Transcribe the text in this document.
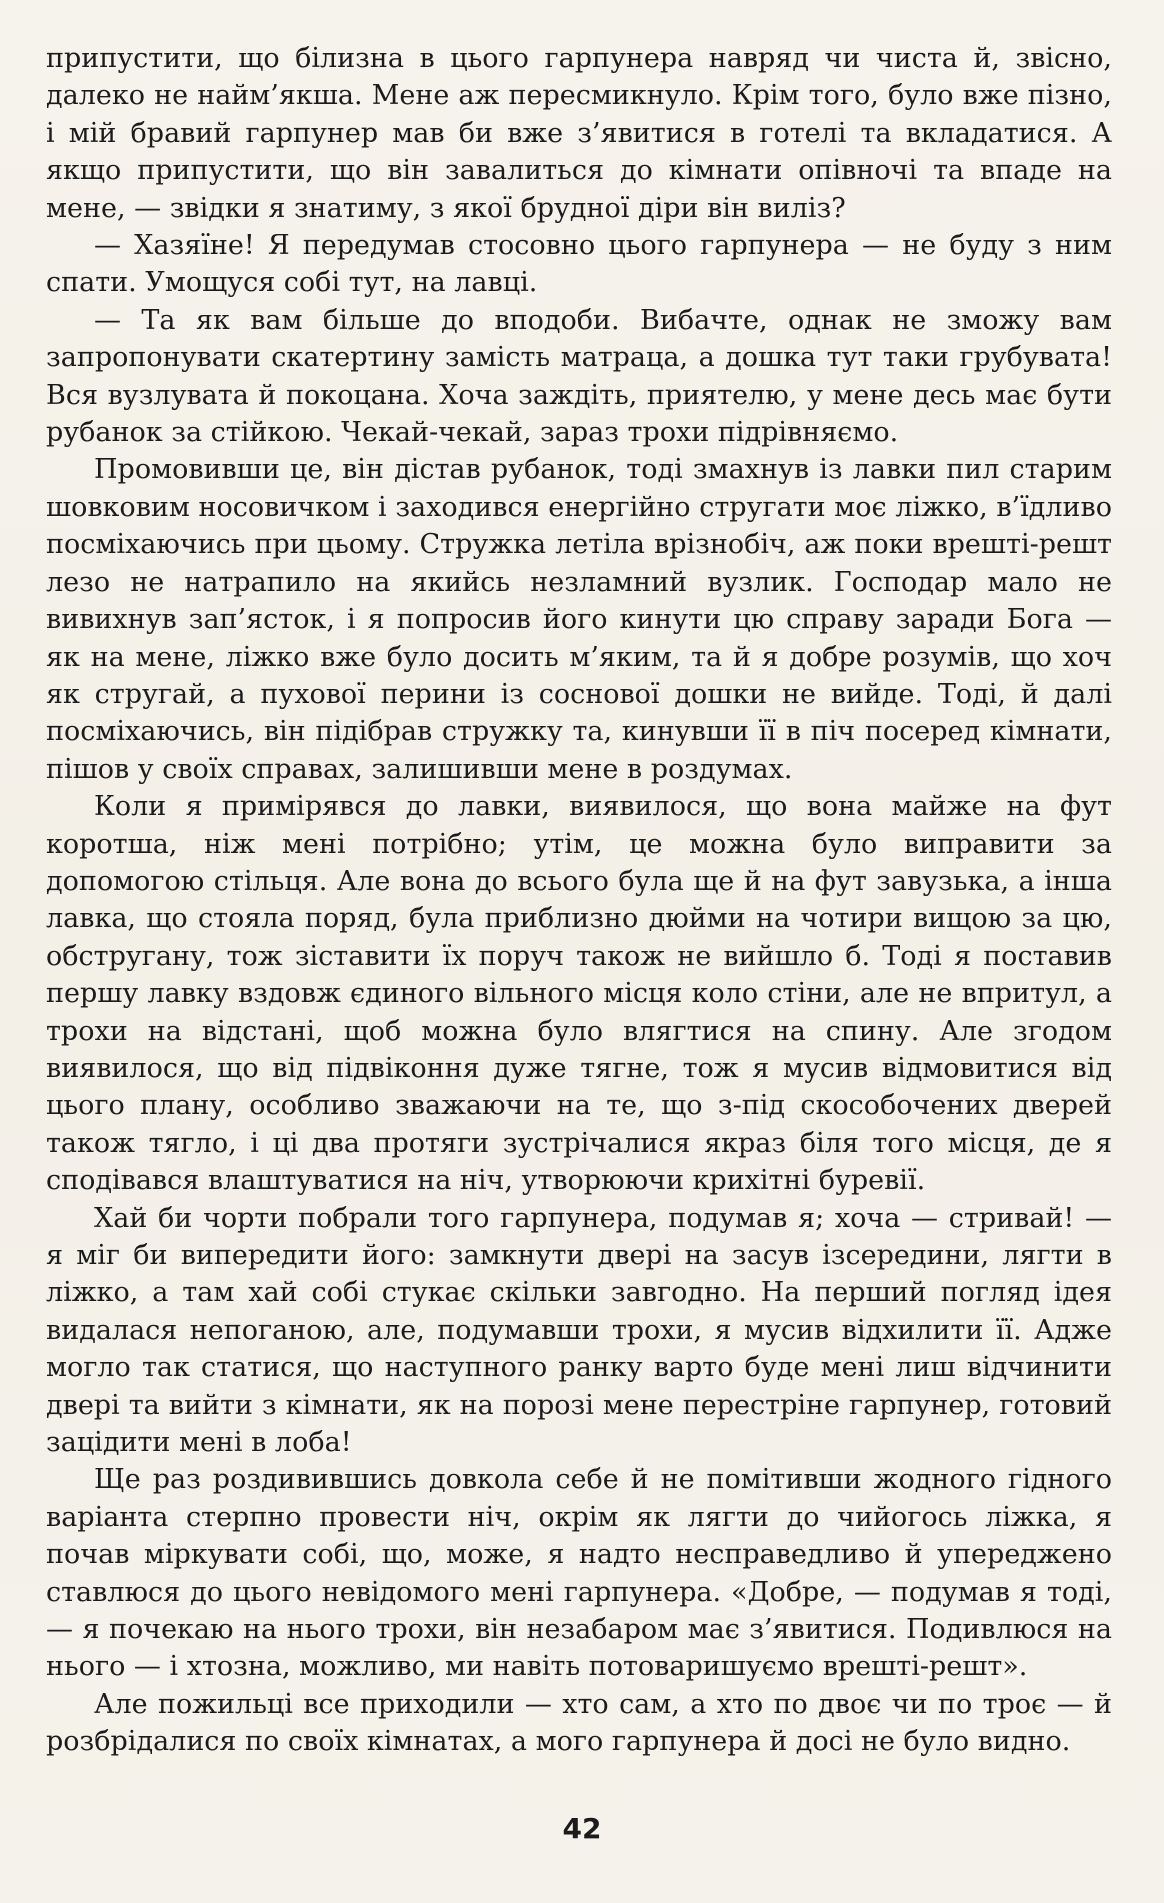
припустити, що білизна в цього гарпунера навряд чи чиста й, звісно, далеко не найм’якша. Мене аж пересмикнуло. Крім того, було вже пізно, і мій бравий гарпунер мав би вже з’явитися в готелі та вкладатися. А якщо припустити, що він завалиться до кімнати опівночі та впаде на мене, — звідки я знатиму, з якої брудної діри він виліз?

— Хазяїне! Я передумав стосовно цього гарпунера — не буду з ним спати. Умощуся собі тут, на лавці.

— Та як вам більше до вподоби. Вибачте, однак не зможу вам запропонувати скатертину замість матраца, а дошка тут таки грубувата! Вся вузлувата й покоцана. Хоча заждіть, приятелю, у мене десь має бути рубанок за стійкою. Чекай-чекай, зараз трохи підрівняємо.

Промовивши це, він дістав рубанок, тоді змахнув із лавки пил старим шовковим носовичком і заходився енергійно стругати моє ліжко, в’їдливо посміхаючись при цьому. Стружка летіла врізнобіч, аж поки врешті-решт лезо не натрапило на якийсь незламний вузлик. Господар мало не вивихнув зап’ясток, і я попросив його кинути цю справу заради Бога — як на мене, ліжко вже було досить м’яким, та й я добре розумів, що хоч як стругай, а пухової перини із соснової дошки не вийде. Тоді, й далі посміхаючись, він підібрав стружку та, кинувши її в піч посеред кімнати, пішов у своїх справах, залишивши мене в роздумах.

Коли я примірявся до лавки, виявилося, що вона майже на фут коротша, ніж мені потрібно; утім, це можна було виправити за допомогою стільця. Але вона до всього була ще й на фут завузька, а інша лавка, що стояла поряд, була приблизно дюйми на чотири вищою за цю, обстругану, тож зіставити їх поруч також не вийшло б. Тоді я поставив першу лавку вздовж єдиного вільного місця коло стіни, але не впритул, а трохи на відстані, щоб можна було влягтися на спину. Але згодом виявилося, що від підвіконня дуже тягне, тож я мусив відмовитися від цього плану, особливо зважаючи на те, що з-під скособочених дверей також тягло, і ці два протяги зустрічалися якраз біля того місця, де я сподівався влаштуватися на ніч, утворюючи крихітні буревії.

Хай би чорти побрали того гарпунера, подумав я; хоча — стривай! — я міг би випередити його: замкнути двері на засув ізсередини, лягти в ліжко, а там хай собі стукає скільки завгодно. На перший погляд ідея видалася непоганою, але, подумавши трохи, я мусив відхилити її. Адже могло так статися, що наступного ранку варто буде мені лиш відчинити двері та вийти з кімнати, як на порозі мене перестріне гарпунер, готовий зацідити мені в лоба!

Ще раз роздивившись довкола себе й не помітивши жодного гідного варіанта стерпно провести ніч, окрім як лягти до чийогось ліжка, я почав міркувати собі, що, може, я надто несправедливо й упереджено ставлюся до цього невідомого мені гарпунера. «Добре, — подумав я тоді, — я почекаю на нього трохи, він незабаром має з’явитися. Подивлюся на нього — і хтозна, можливо, ми навіть потоваришуємо врешті-решт».

Але пожильці все приходили — хто сам, а хто по двоє чи по троє — й розбрідалися по своїх кімнатах, а мого гарпунера й досі не було видно.

42
